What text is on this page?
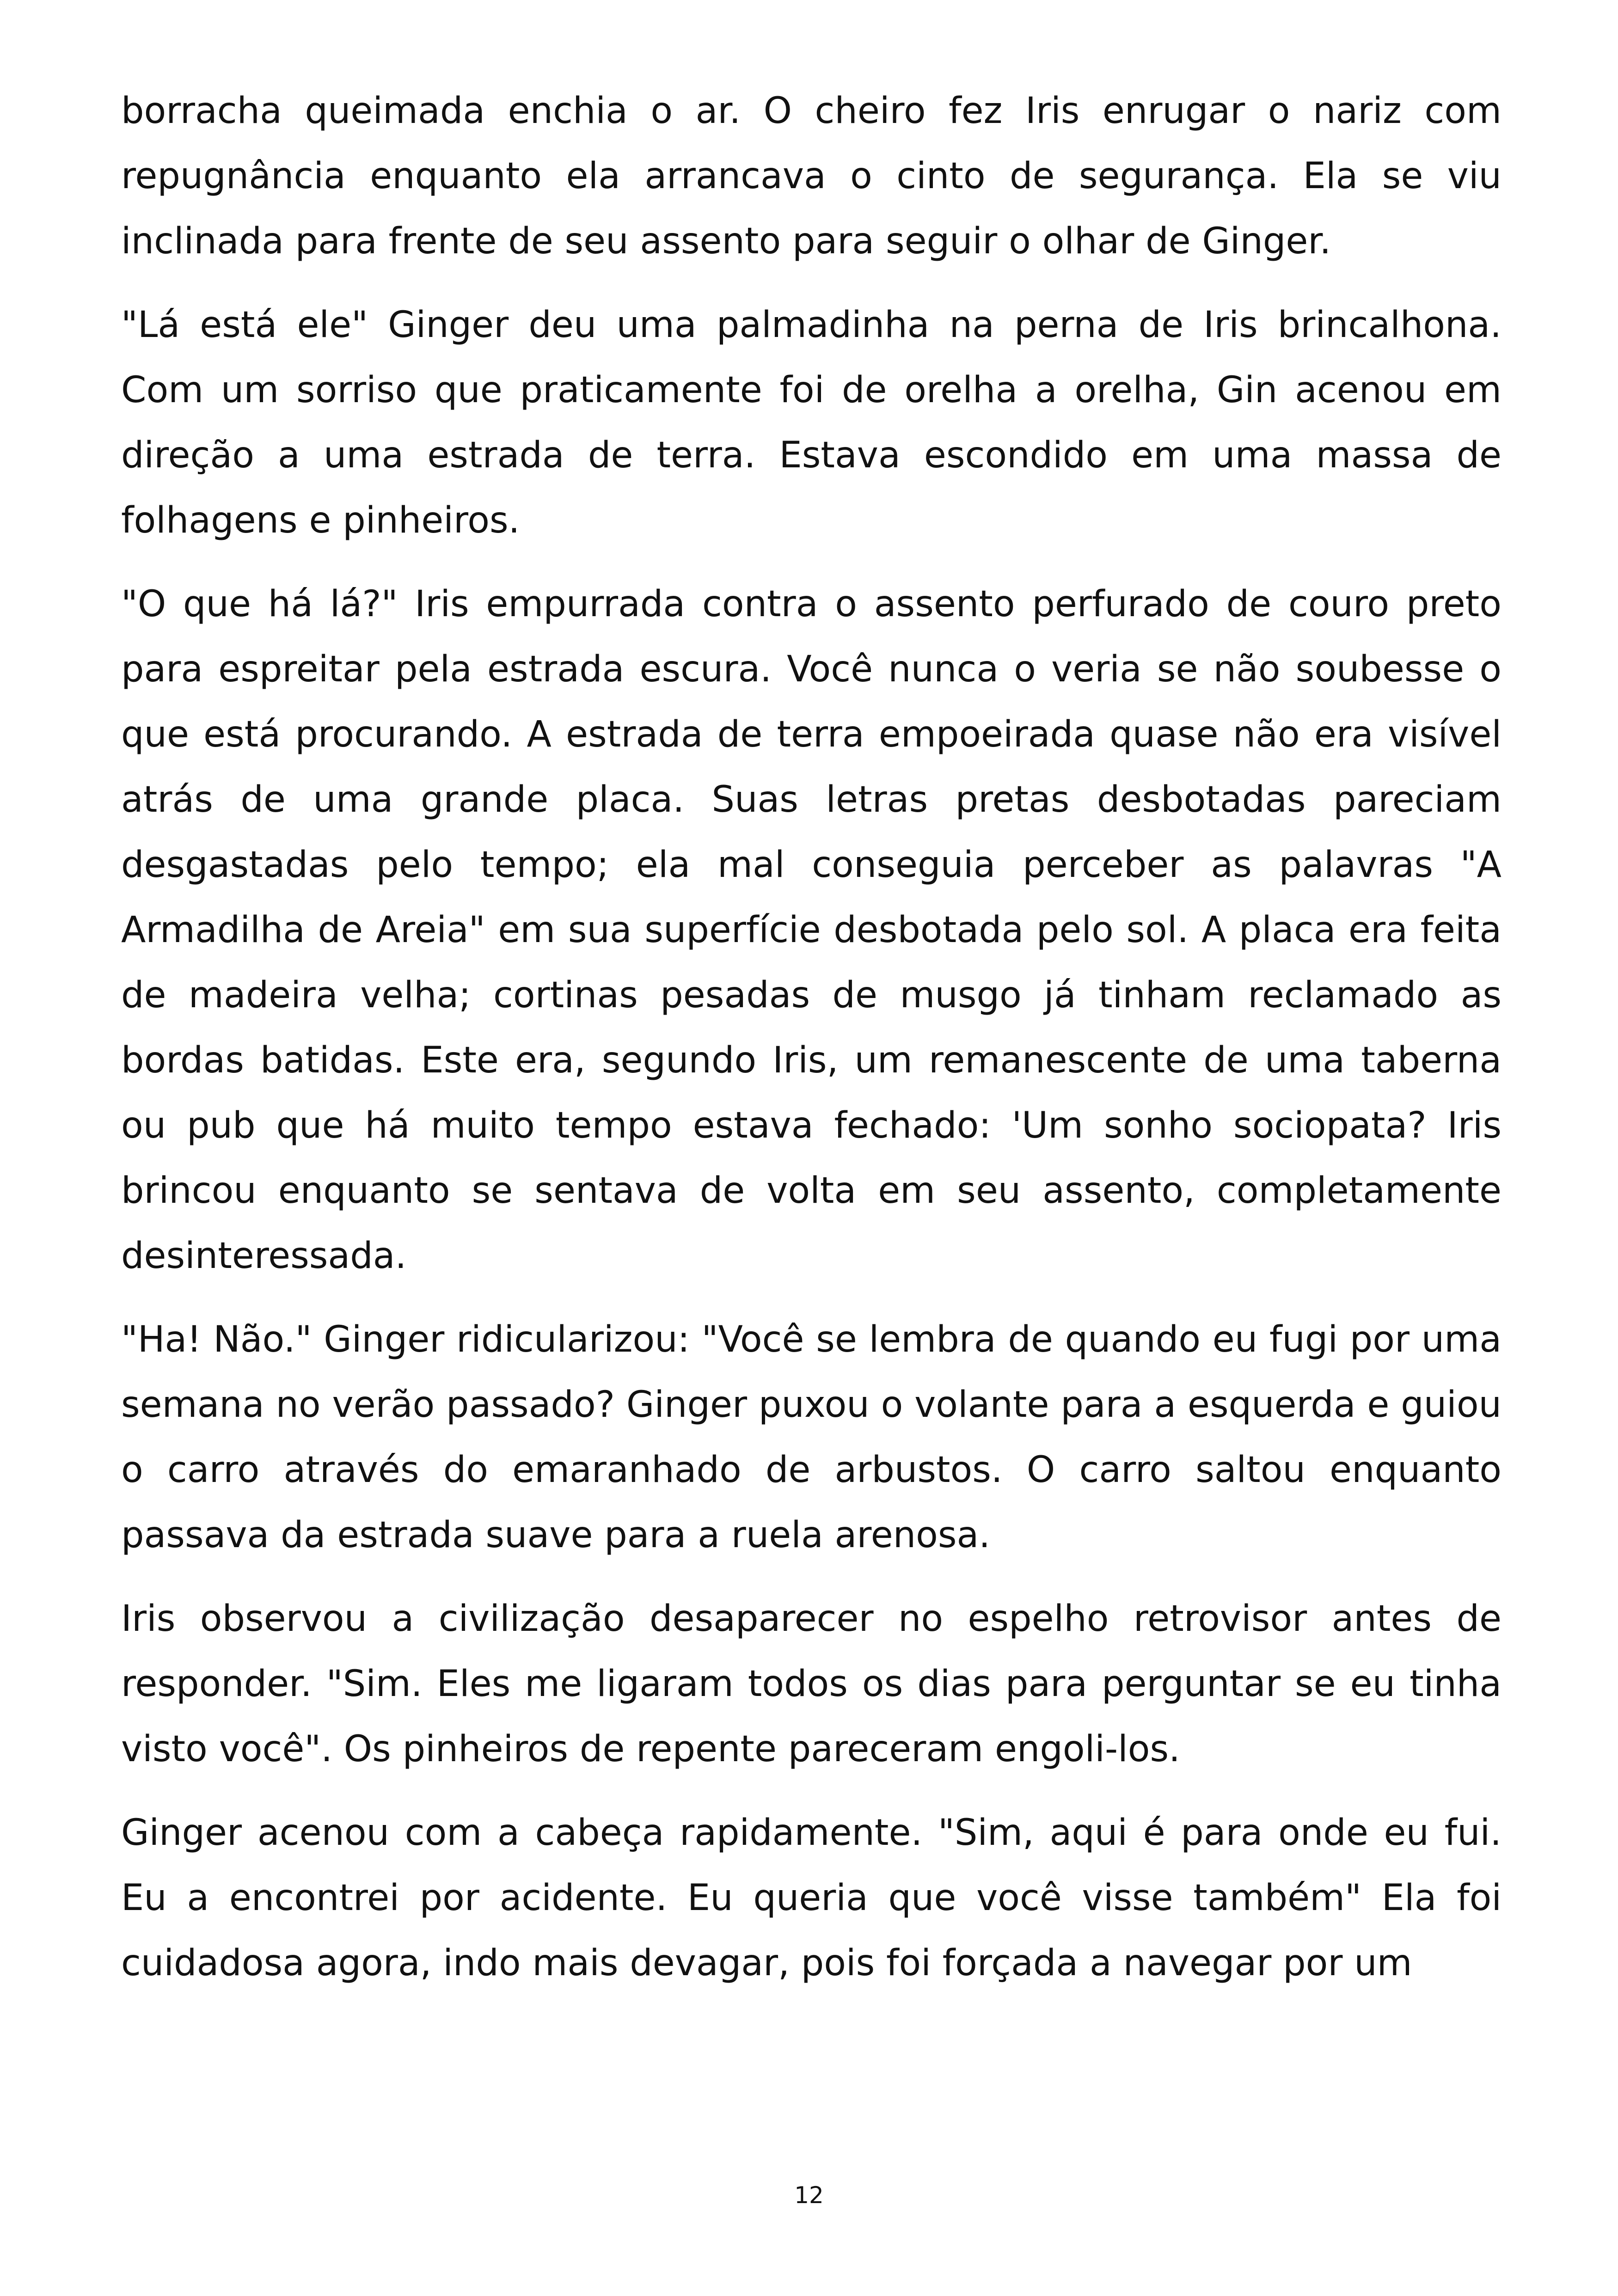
borracha queimada enchia o ar. O cheiro fez Iris enrugar o nariz com repugnância enquanto ela arrancava o cinto de segurança. Ela se viu inclinada para frente de seu assento para seguir o olhar de Ginger.

"Lá está ele" Ginger deu uma palmadinha na perna de Iris brincalhona. Com um sorriso que praticamente foi de orelha a orelha, Gin acenou em direção a uma estrada de terra. Estava escondido em uma massa de folhagens e pinheiros.

"O que há lá?" Iris empurrada contra o assento perfurado de couro preto para espreitar pela estrada escura. Você nunca o veria se não soubesse o que está procurando. A estrada de terra empoeirada quase não era visível atrás de uma grande placa. Suas letras pretas desbotadas pareciam desgastadas pelo tempo; ela mal conseguia perceber as palavras "A Armadilha de Areia" em sua superfície desbotada pelo sol. A placa era feita de madeira velha; cortinas pesadas de musgo já tinham reclamado as bordas batidas. Este era, segundo Iris, um remanescente de uma taberna ou pub que há muito tempo estava fechado: 'Um sonho sociopata? Iris brincou enquanto se sentava de volta em seu assento, completamente desinteressada.

"Ha! Não." Ginger ridicularizou: "Você se lembra de quando eu fugi por uma semana no verão passado? Ginger puxou o volante para a esquerda e guiou o carro através do emaranhado de arbustos. O carro saltou enquanto passava da estrada suave para a ruela arenosa.

Iris observou a civilização desaparecer no espelho retrovisor antes de responder. "Sim. Eles me ligaram todos os dias para perguntar se eu tinha visto você". Os pinheiros de repente pareceram engoli-los.

Ginger acenou com a cabeça rapidamente. "Sim, aqui é para onde eu fui. Eu a encontrei por acidente. Eu queria que você visse também" Ela foi cuidadosa agora, indo mais devagar, pois foi forçada a navegar por um

12
